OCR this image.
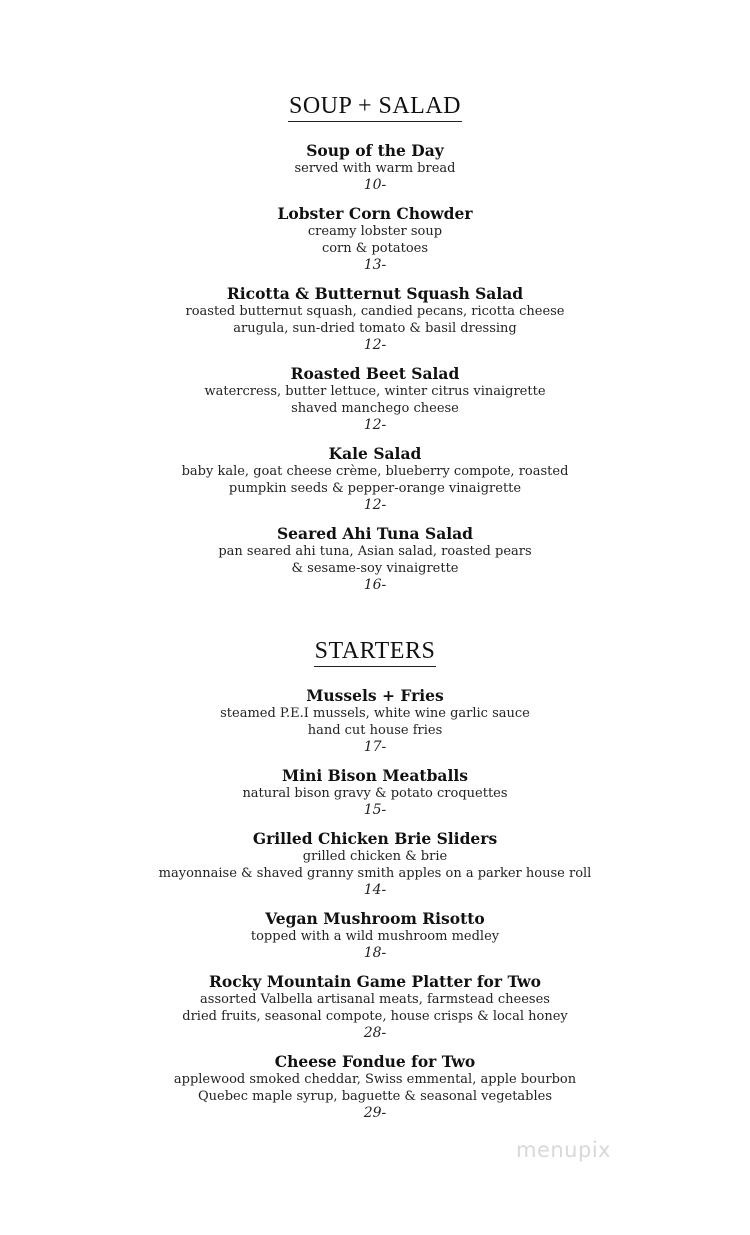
SOUP + SALAD
Soup of the Day
served with warm bread
10-
Lobster Corn Chowder
creamy lobster soup
corn & potatoes
13-
Ricotta & Butternut Squash Salad
roasted butternut squash, candied pecans, ricotta cheese
arugula, sun-dried tomato & basil dressing
12-
Roasted Beet Salad
watercress, butter lettuce, winter citrus vinaigrette
shaved manchego cheese
12-
Kale Salad
baby kale, goat cheese crème, blueberry compote, roasted
pumpkin seeds & pepper-orange vinaigrette
12-
Seared Ahi Tuna Salad
pan seared ahi tuna, Asian salad, roasted pears
& sesame-soy vinaigrette
16-
STARTERS
Mussels + Fries
steamed P.E.I mussels, white wine garlic sauce
hand cut house fries
17-
Mini Bison Meatballs
natural bison gravy & potato croquettes
15-
Grilled Chicken Brie Sliders
grilled chicken & brie
mayonnaise & shaved granny smith apples on a parker house roll
14-
Vegan Mushroom Risotto
topped with a wild mushroom medley
18-
Rocky Mountain Game Platter for Two
assorted Valbella artisanal meats, farmstead cheeses
dried fruits, seasonal compote, house crisps & local honey
28-
Cheese Fondue for Two
applewood smoked cheddar, Swiss emmental, apple bourbon
Quebec maple syrup, baguette & seasonal vegetables
29-
menupix
